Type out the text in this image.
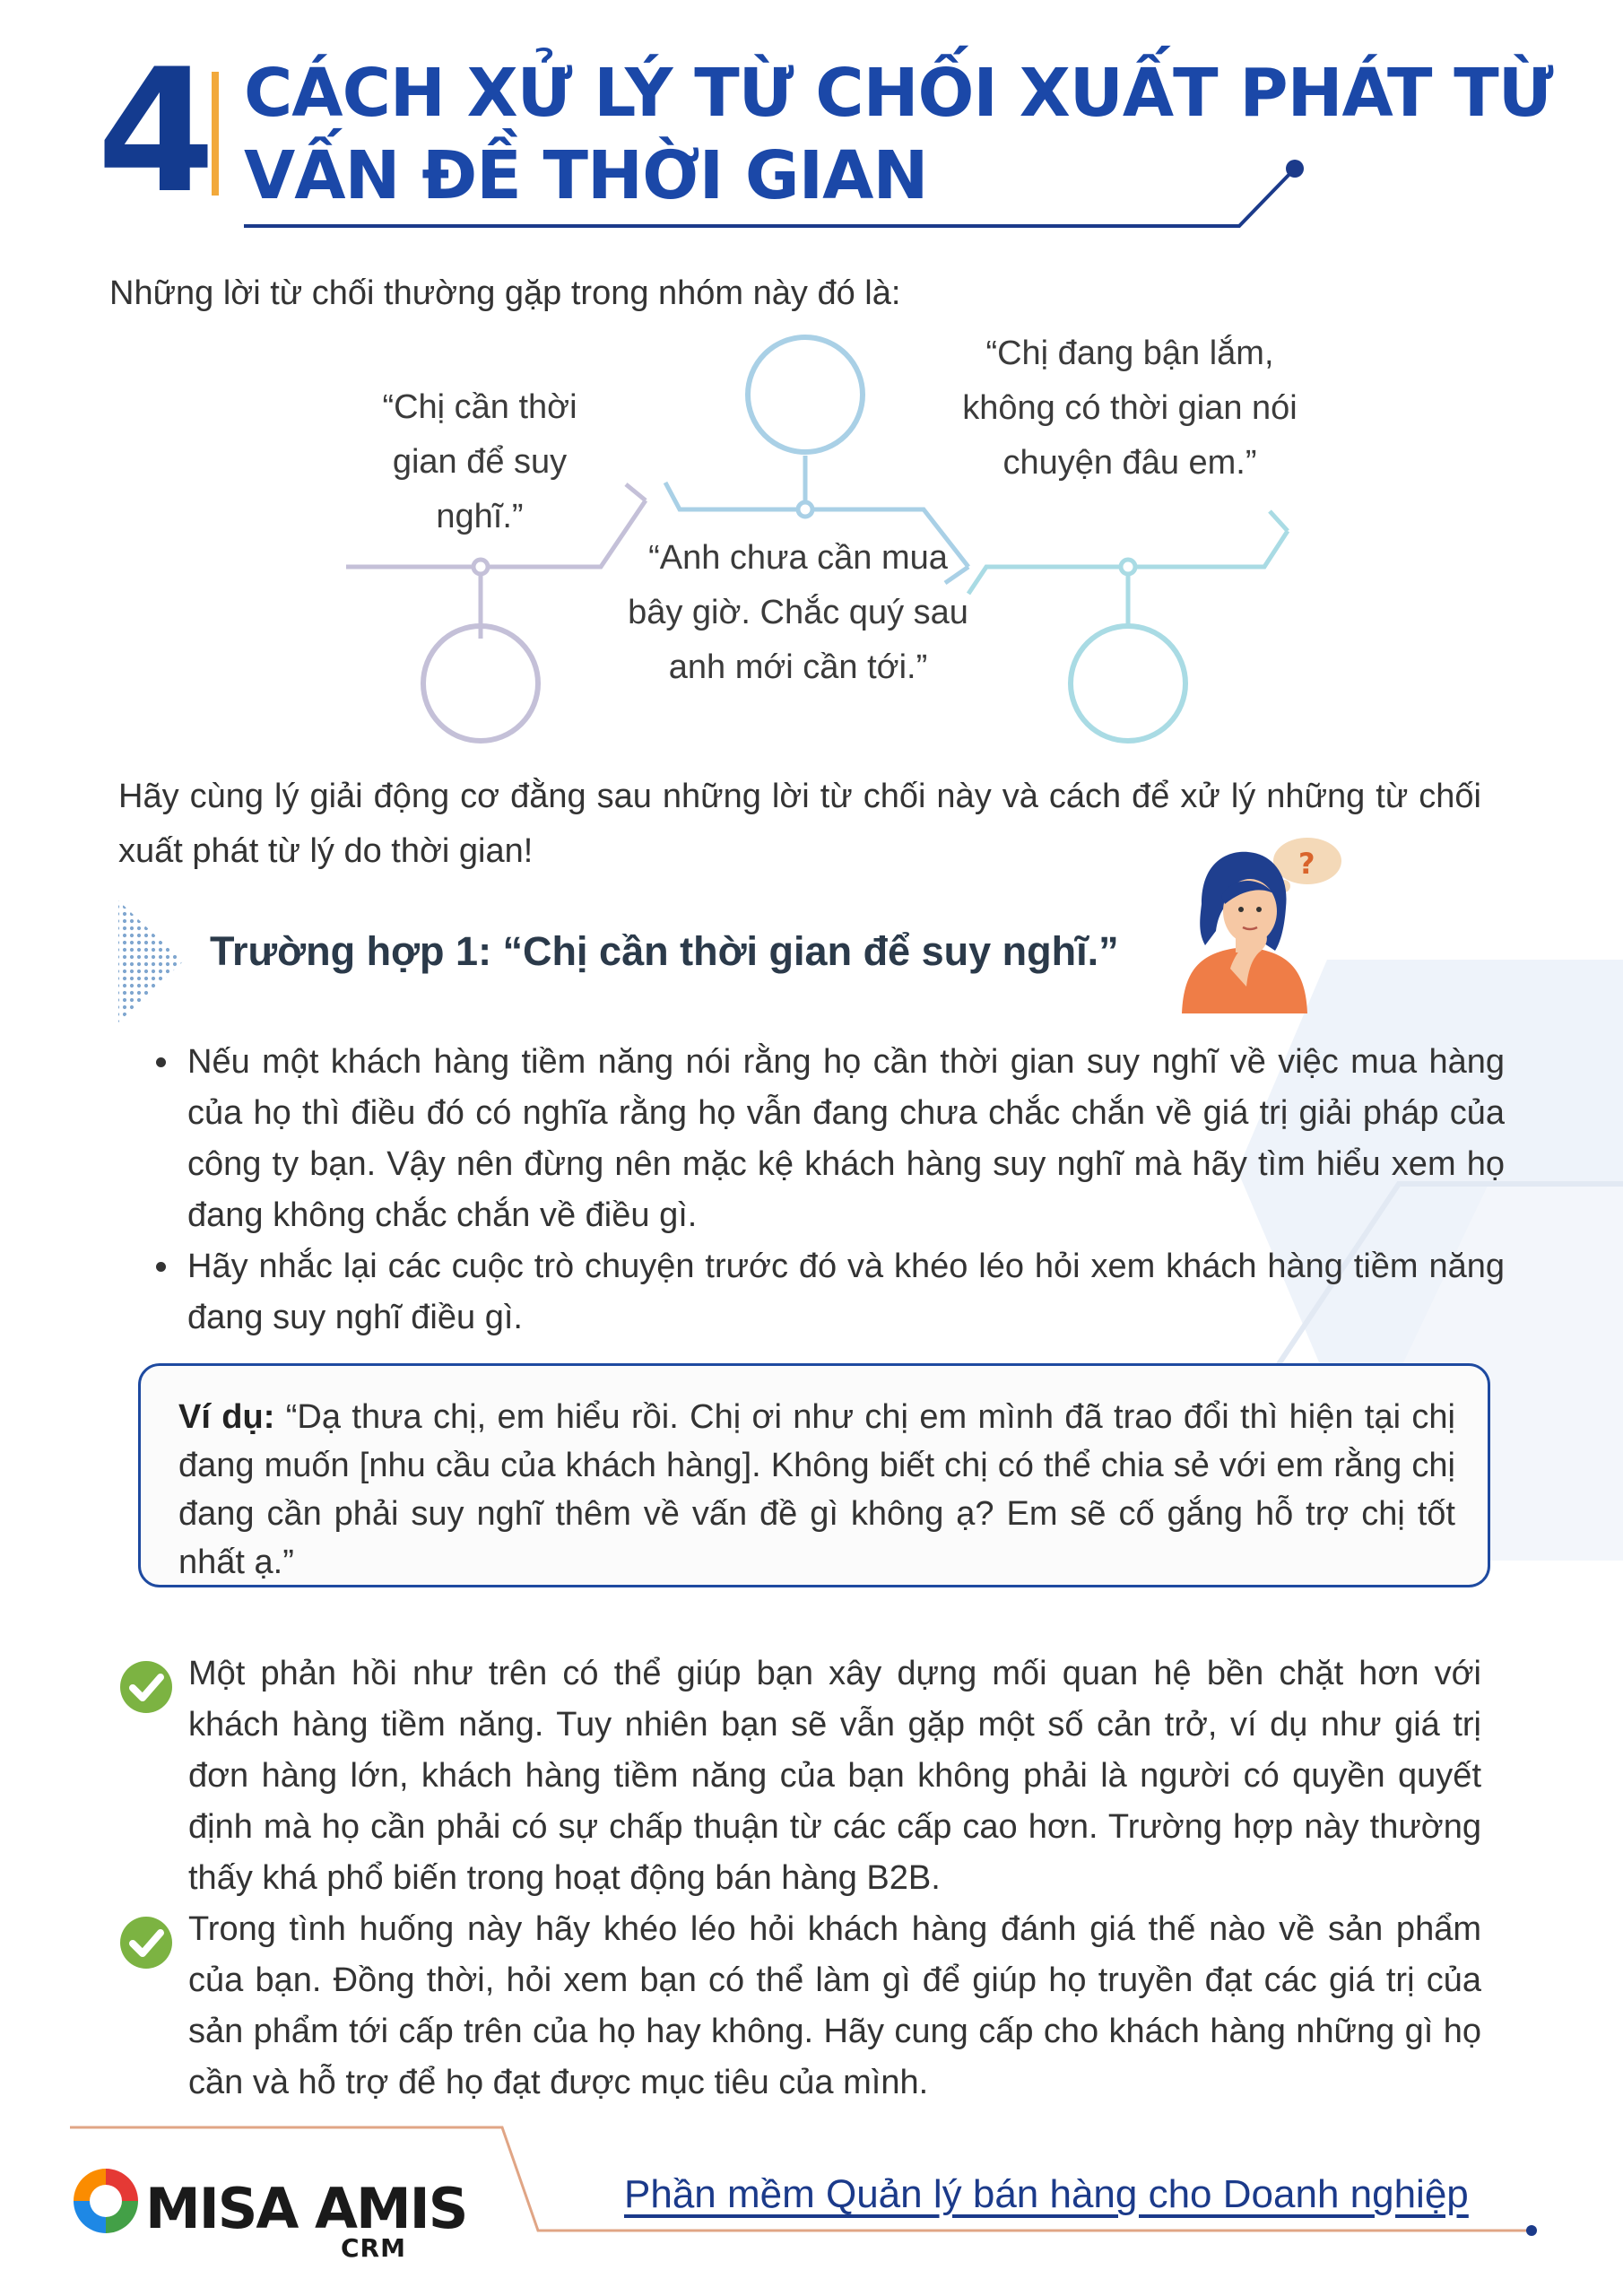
4 CÁCH XỬ LÝ TỪ CHỐI XUẤT PHÁT TỪ
VẤN ĐỀ THỜI GIAN
Những lời từ chối thường gặp trong nhóm này đó là:
“Chị cần thời gian để suy nghĩ.”
“Anh chưa cần mua bây giờ. Chắc quý sau anh mới cần tới.”
“Chị đang bận lắm, không có thời gian nói chuyện đâu em.”
Hãy cùng lý giải động cơ đằng sau những lời từ chối này và cách để xử lý những từ chối xuất phát từ lý do thời gian!
Trường hợp 1: “Chị cần thời gian để suy nghĩ.”
?
• Nếu một khách hàng tiềm năng nói rằng họ cần thời gian suy nghĩ về việc mua hàng của họ thì điều đó có nghĩa rằng họ vẫn đang chưa chắc chắn về giá trị giải pháp của công ty bạn. Vậy nên đừng nên mặc kệ khách hàng suy nghĩ mà hãy tìm hiểu xem họ đang không chắc chắn về điều gì.
• Hãy nhắc lại các cuộc trò chuyện trước đó và khéo léo hỏi xem khách hàng tiềm năng đang suy nghĩ điều gì.
Ví dụ: “Dạ thưa chị, em hiểu rồi. Chị ơi như chị em mình đã trao đổi thì hiện tại chị đang muốn [nhu cầu của khách hàng]. Không biết chị có thể chia sẻ với em rằng chị đang cần phải suy nghĩ thêm về vấn đề gì không ạ? Em sẽ cố gắng hỗ trợ chị tốt nhất ạ.”
Một phản hồi như trên có thể giúp bạn xây dựng mối quan hệ bền chặt hơn với khách hàng tiềm năng. Tuy nhiên bạn sẽ vẫn gặp một số cản trở, ví dụ như giá trị đơn hàng lớn, khách hàng tiềm năng của bạn không phải là người có quyền quyết định mà họ cần phải có sự chấp thuận từ các cấp cao hơn. Trường hợp này thường thấy khá phổ biến trong hoạt động bán hàng B2B.
Trong tình huống này hãy khéo léo hỏi khách hàng đánh giá thế nào về sản phẩm của bạn. Đồng thời, hỏi xem bạn có thể làm gì để giúp họ truyền đạt các giá trị của sản phẩm tới cấp trên của họ hay không. Hãy cung cấp cho khách hàng những gì họ cần và hỗ trợ để họ đạt được mục tiêu của mình.
MISA AMIS
CRM
Phần mềm Quản lý bán hàng cho Doanh nghiệp
